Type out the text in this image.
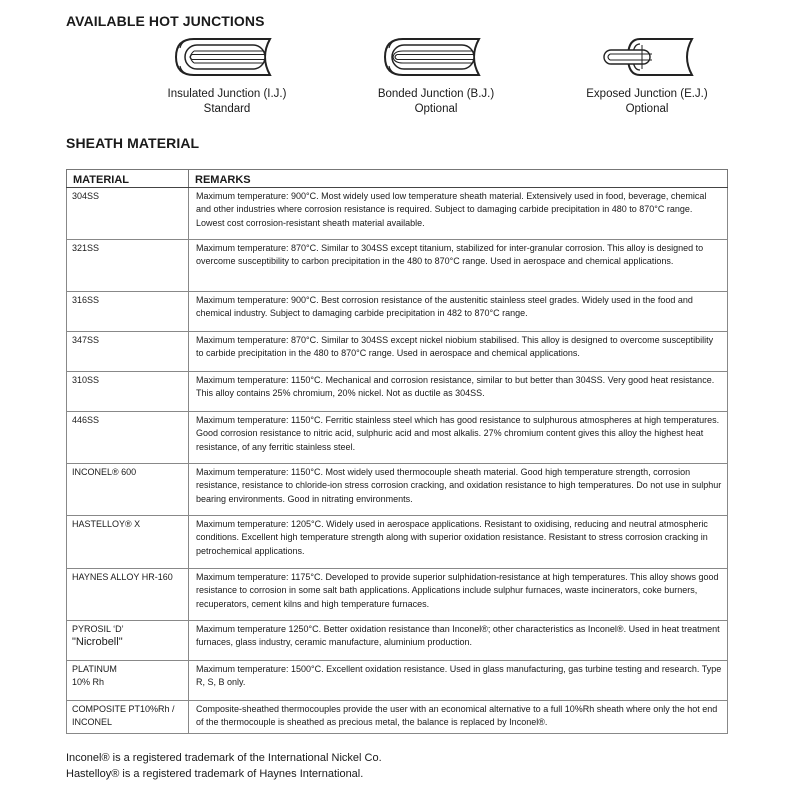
AVAILABLE HOT JUNCTIONS
Insulated Junction (I.J.)
Standard
Bonded Junction (B.J.)
Optional
Exposed Junction (E.J.)
Optional
SHEATH MATERIAL
MATERIAL	REMARKS
304SS	Maximum temperature: 900°C. Most widely used low temperature sheath material. Extensively used in food, beverage, chemical and other industries where corrosion resistance is required. Subject to damaging carbide precipitation in 480 to 870°C range. Lowest cost corrosion-resistant sheath material available.
321SS	Maximum temperature: 870°C. Similar to 304SS except titanium, stabilized for inter-granular corrosion. This alloy is designed to overcome susceptibility to carbon precipitation in the 480 to 870°C range. Used in aerospace and chemical applications.
316SS	Maximum temperature: 900°C. Best corrosion resistance of the austenitic stainless steel grades. Widely used in the food and chemical industry. Subject to damaging carbide precipitation in 482 to 870°C range.
347SS	Maximum temperature: 870°C. Similar to 304SS except nickel niobium stabilised. This alloy is designed to overcome susceptibility to carbide precipitation in the 480 to 870°C range. Used in aerospace and chemical applications.
310SS	Maximum temperature: 1150°C. Mechanical and corrosion resistance, similar to but better than 304SS. Very good heat resistance. This alloy contains 25% chromium, 20% nickel. Not as ductile as 304SS.
446SS	Maximum temperature: 1150°C. Ferritic stainless steel which has good resistance to sulphurous atmospheres at high temperatures. Good corrosion resistance to nitric acid, sulphuric acid and most alkalis. 27% chromium content gives this alloy the highest heat resistance, of any ferritic stainless steel.
INCONEL® 600	Maximum temperature: 1150°C. Most widely used thermocouple sheath material. Good high temperature strength, corrosion resistance, resistance to chloride-ion stress corrosion cracking, and oxidation resistance to high temperatures. Do not use in sulphur bearing environments. Good in nitrating environments.
HASTELLOY® X	Maximum temperature: 1205°C. Widely used in aerospace applications. Resistant to oxidising, reducing and neutral atmospheric conditions. Excellent high temperature strength along with superior oxidation resistance. Resistant to stress corrosion cracking in petrochemical applications.
HAYNES ALLOY HR-160	Maximum temperature: 1175°C. Developed to provide superior sulphidation-resistance at high temperatures. This alloy shows good resistance to corrosion in some salt bath applications. Applications include sulphur furnaces, waste incinerators, coke burners, recuperators, cement kilns and high temperature furnaces.

PYROSIL ‘D’
"Nicrobell"	Maximum temperature 1250°C. Better oxidation resistance than Inconel®; other characteristics as Inconel®. Used in heat treatment furnaces, glass industry, ceramic manufacture, aluminium production.

PLATINUM
10% Rh	Maximum temperature: 1500°C. Excellent oxidation resistance. Used in glass manufacturing, gas turbine testing and research. Type R, S, B only.
COMPOSITE PT10%Rh / INCONEL	Composite-sheathed thermocouples provide the user with an economical alternative to a full 10%Rh sheath where only the hot end of the thermocouple is sheathed as precious metal, the balance is replaced by Inconel®.

Inconel® is a registered trademark of the International Nickel Co.

Hastelloy® is a registered trademark of Haynes International.
